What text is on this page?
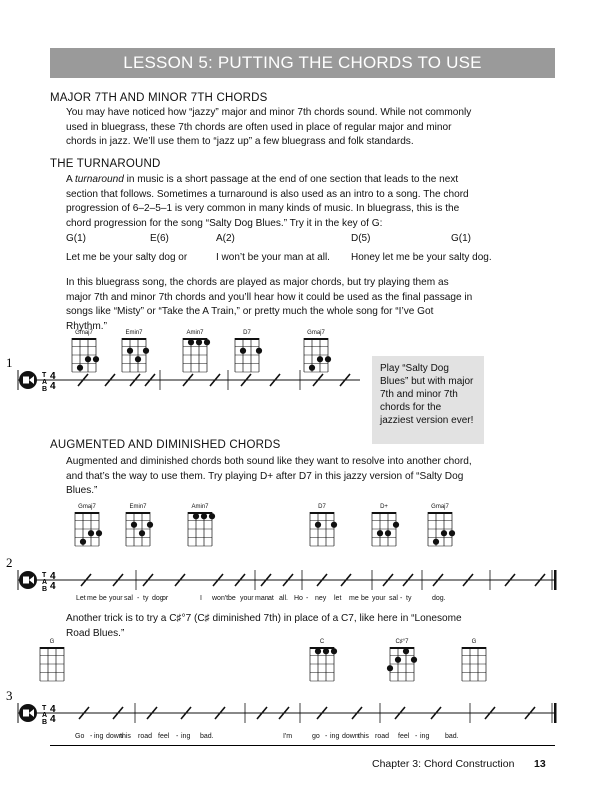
LESSON 5: PUTTING THE CHORDS TO USE
MAJOR 7TH AND MINOR 7TH CHORDS
You may have noticed how “jazzy” major and minor 7th chords sound. While not commonly used in bluegrass, these 7th chords are often used in place of regular major and minor chords in jazz. We’ll use them to “jazz up” a few bluegrass and folk standards.
THE TURNAROUND
A turnaround in music is a short passage at the end of one section that leads to the next section that follows. Sometimes a turnaround is also used as an intro to a song. The chord progression of 6–2–5–1 is very common in many kinds of music. In bluegrass, this is the chord progression for the song “Salty Dog Blues.” Try it in the key of G:
G(1)	E(6)	A(2)	D(5)	G(1)
Let me be your salty dog or	I won’t be your man at all. Honey let me be your salty dog.
In this bluegrass song, the chords are played as major chords, but try playing them as major 7th and minor 7th chords and you’ll hear how it could be used as the final passage in songs like “Misty” or “Take the A Train,” or pretty much the whole song for “I’ve Got Rhythm.”
Play “Salty Dog Blues” but with major 7th and minor 7th chords for the jazziest version ever!
AUGMENTED AND DIMINISHED CHORDS
Augmented and diminished chords both sound like they want to resolve into another chord, and that’s the way to use them. Try playing D+ after D7 in this jazzy version of “Salty Dog Blues.”
Another trick is to try a C♯°7 (C♯ diminished 7th) in place of a C7, like here in “Lonesome Road Blues.”
Chapter 3: Chord Construction 13
Gmaj7	Emin7	Amin7	D7	Gmaj7
T
A
B
4
4
1
Gmaj7	Emin7	Amin7	D7	D+	Gmaj7
T
A
B
4
4
2
Let me be your sal - ty dog
or	I won't be your man at all. Ho - ney let me be your sal - ty	dog.
G	C	C♯°7	G
T
A
B
4
4
3
Go - ing down
this road feel - ing bad.	I'm	go - ing down this road feel - ing bad.
